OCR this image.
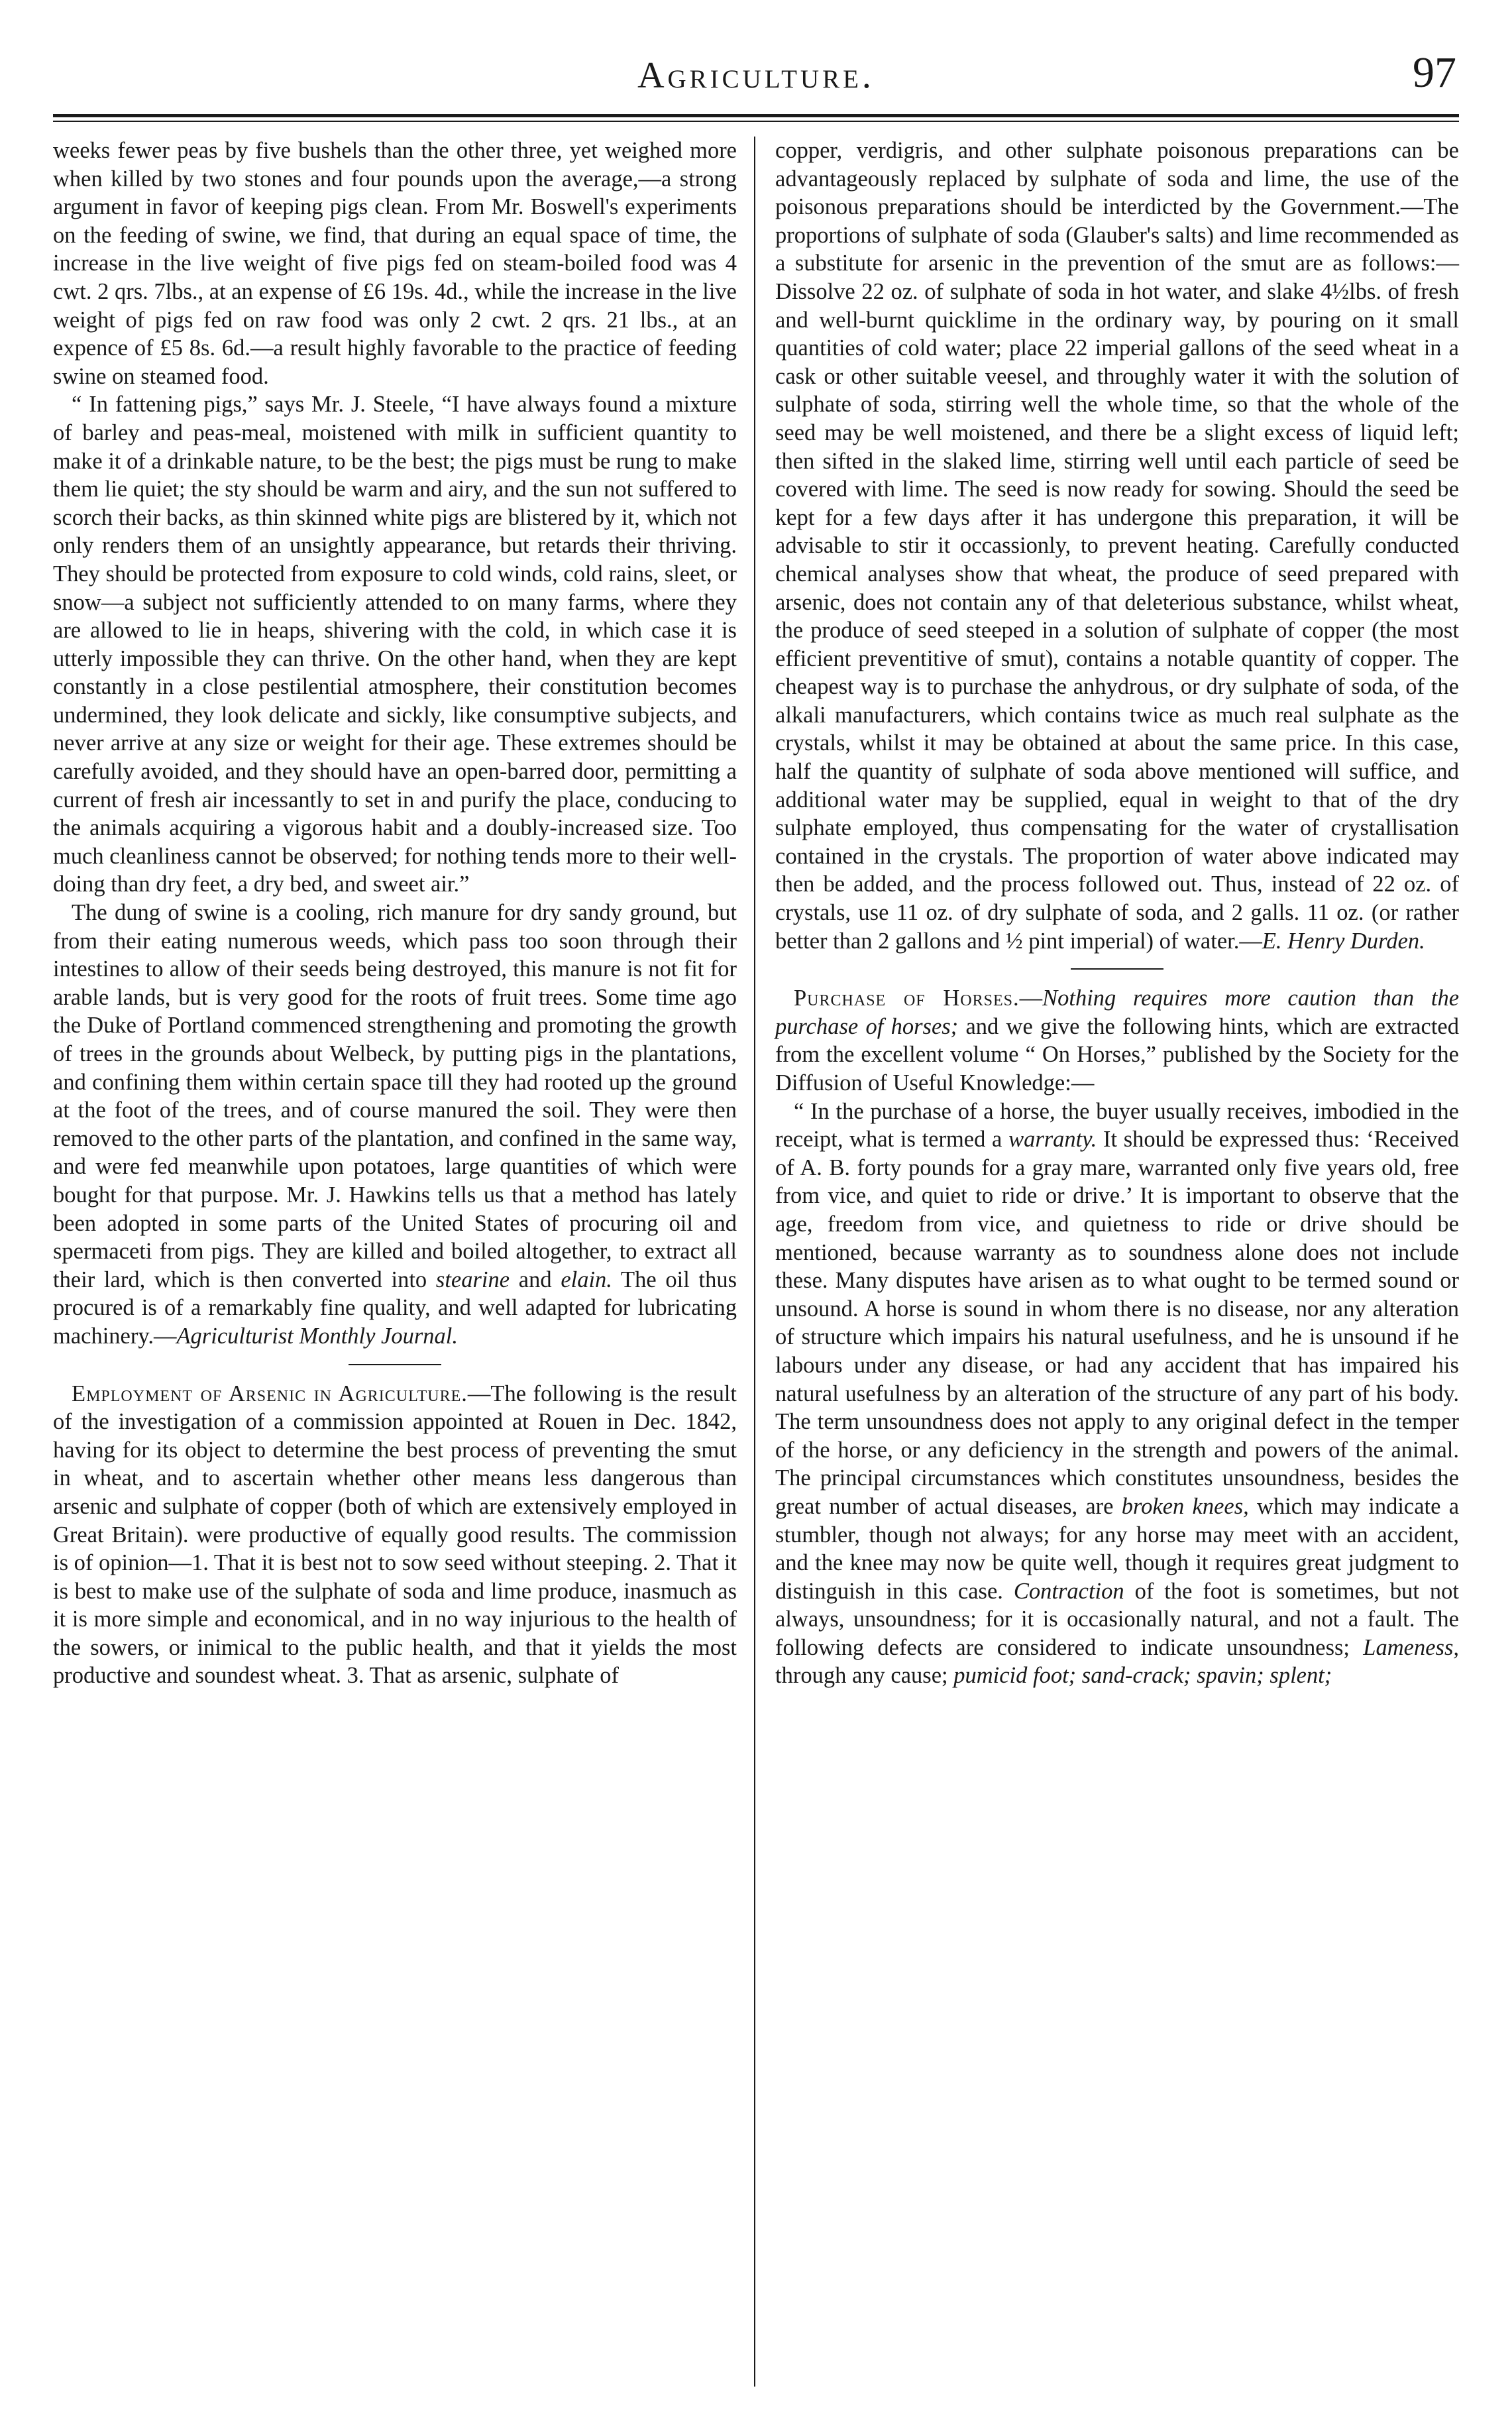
Agriculture.	97

weeks fewer peas by five bushels than the other three, yet weighed more when killed by two stones and four pounds upon the average,—a strong argument in favor of keeping pigs clean. From Mr. Boswell's experiments on the feeding of swine, we find, that during an equal space of time, the increase in the live weight of five pigs fed on steam-boiled food was 4 cwt. 2 qrs. 7lbs., at an expense of £6 19s. 4d., while the increase in the live weight of pigs fed on raw food was only 2 cwt. 2 qrs. 21 lbs., at an expence of £5 8s. 6d.—a result highly favorable to the practice of feeding swine on steamed food.

“ In fattening pigs,” says Mr. J. Steele, “I have always found a mixture of barley and peas-meal, moistened with milk in sufficient quantity to make it of a drinkable nature, to be the best; the pigs must be rung to make them lie quiet; the sty should be warm and airy, and the sun not suffered to scorch their backs, as thin skinned white pigs are blistered by it, which not only renders them of an unsightly appearance, but retards their thriving. They should be protected from exposure to cold winds, cold rains, sleet, or snow—a subject not sufficiently attended to on many farms, where they are allowed to lie in heaps, shivering with the cold, in which case it is utterly impossible they can thrive. On the other hand, when they are kept constantly in a close pestilential atmosphere, their constitution becomes undermined, they look delicate and sickly, like consumptive subjects, and never arrive at any size or weight for their age. These extremes should be carefully avoided, and they should have an open-barred door, permitting a current of fresh air incessantly to set in and purify the place, conducing to the animals acquiring a vigorous habit and a doubly-increased size. Too much cleanliness cannot be observed; for nothing tends more to their well-doing than dry feet, a dry bed, and sweet air.”

The dung of swine is a cooling, rich manure for dry sandy ground, but from their eating numerous weeds, which pass too soon through their intestines to allow of their seeds being destroyed, this manure is not fit for arable lands, but is very good for the roots of fruit trees. Some time ago the Duke of Portland commenced strengthening and promoting the growth of trees in the grounds about Welbeck, by putting pigs in the plantations, and confining them within certain space till they had rooted up the ground at the foot of the trees, and of course manured the soil. They were then removed to the other parts of the plantation, and confined in the same way, and were fed meanwhile upon potatoes, large quantities of which were bought for that purpose. Mr. J. Hawkins tells us that a method has lately been adopted in some parts of the United States of procuring oil and spermaceti from pigs. They are killed and boiled altogether, to extract all their lard, which is then converted into stearine and elain. The oil thus procured is of a remarkably fine quality, and well adapted for lubricating machinery.—Agriculturist Monthly Journal.

Employment of Arsenic in Agriculture.—The following is the result of the investigation of a commission appointed at Rouen in Dec. 1842, having for its object to determine the best process of preventing the smut in wheat, and to ascertain whether other means less dangerous than arsenic and sulphate of copper (both of which are extensively employed in Great Britain). were productive of equally good results. The commission is of opinion—1. That it is best not to sow seed without steeping. 2. That it is best to make use of the sulphate of soda and lime produce, inasmuch as it is more simple and economical, and in no way injurious to the health of the sowers, or inimical to the public health, and that it yields the most productive and soundest wheat. 3. That as arsenic, sulphate of

copper, verdigris, and other sulphate poisonous preparations can be advantageously replaced by sulphate of soda and lime, the use of the poisonous preparations should be interdicted by the Government.—The proportions of sulphate of soda (Glauber's salts) and lime recommended as a substitute for arsenic in the prevention of the smut are as follows:—Dissolve 22 oz. of sulphate of soda in hot water, and slake 4½lbs. of fresh and well-burnt quicklime in the ordinary way, by pouring on it small quantities of cold water; place 22 imperial gallons of the seed wheat in a cask or other suitable veesel, and throughly water it with the solution of sulphate of soda, stirring well the whole time, so that the whole of the seed may be well moistened, and there be a slight excess of liquid left; then sifted in the slaked lime, stirring well until each particle of seed be covered with lime. The seed is now ready for sowing. Should the seed be kept for a few days after it has undergone this preparation, it will be advisable to stir it occassionly, to prevent heating. Carefully conducted chemical analyses show that wheat, the produce of seed prepared with arsenic, does not contain any of that deleterious substance, whilst wheat, the produce of seed steeped in a solution of sulphate of copper (the most efficient preventitive of smut), contains a notable quantity of copper. The cheapest way is to purchase the anhydrous, or dry sulphate of soda, of the alkali manufacturers, which contains twice as much real sulphate as the crystals, whilst it may be obtained at about the same price. In this case, half the quantity of sulphate of soda above mentioned will suffice, and additional water may be supplied, equal in weight to that of the dry sulphate employed, thus compensating for the water of crystallisation contained in the crystals. The proportion of water above indicated may then be added, and the process followed out. Thus, instead of 22 oz. of crystals, use 11 oz. of dry sulphate of soda, and 2 galls. 11 oz. (or rather better than 2 gallons and ½ pint imperial) of water.—E. Henry Durden.

Purchase of Horses.—Nothing requires more caution than the purchase of horses; and we give the following hints, which are extracted from the excellent volume “ On Horses,” published by the Society for the Diffusion of Useful Knowledge:—

“ In the purchase of a horse, the buyer usually receives, imbodied in the receipt, what is termed a warranty. It should be expressed thus: ‘Received of A. B. forty pounds for a gray mare, warranted only five years old, free from vice, and quiet to ride or drive.’ It is important to observe that the age, freedom from vice, and quietness to ride or drive should be mentioned, because warranty as to soundness alone does not include these. Many disputes have arisen as to what ought to be termed sound or unsound. A horse is sound in whom there is no disease, nor any alteration of structure which impairs his natural usefulness, and he is unsound if he labours under any disease, or had any accident that has impaired his natural usefulness by an alteration of the structure of any part of his body. The term unsoundness does not apply to any original defect in the temper of the horse, or any deficiency in the strength and powers of the animal. The principal circumstances which constitutes unsoundness, besides the great number of actual diseases, are broken knees, which may indicate a stumbler, though not always; for any horse may meet with an accident, and the knee may now be quite well, though it requires great judgment to distinguish in this case. Contraction of the foot is sometimes, but not always, unsoundness; for it is occasionally natural, and not a fault. The following defects are considered to indicate unsoundness; Lameness, through any cause; pumicid foot; sand-crack; spavin; splent;
